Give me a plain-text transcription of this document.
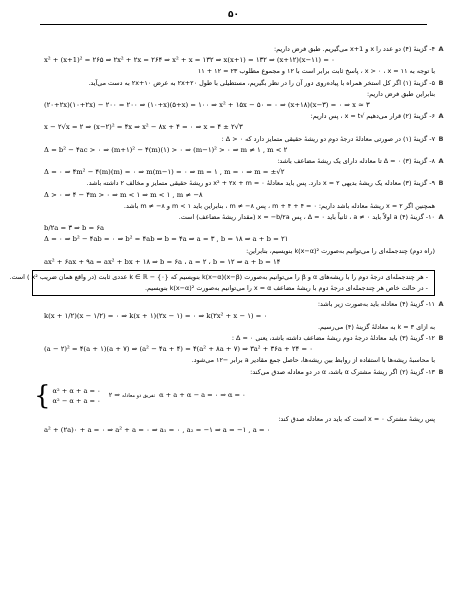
۵۰
A
۴- گزینهٔ (۴) دو عدد را x و x+1 می‌گیریم. طبق فرض داریم:
x² + (x+1)² = ۲۶۵ ⇒ ۲x² + ۲x = ۲۶۴ ⇒ x² + x = ۱۳۲ ⇒ x(x+۱) = ۱۳۲ ⇒ (x+۱۲)(x−۱۱) = ۰
با توجه به x > ۰ ، x = ۱۱ ، پاسخ ثابت برابر است با ۱۲ و مجموع مطلوب ۲۳ = ۱۲ + ۱۱
B
۵- گزینهٔ (۱) اگر کل استخر همراه با پیاده‌روی دور آن را در نظر بگیریم، مستطیلی با طول ۲x+۲۰ به عرض ۲x+۱۰ به دست می‌آید.
بنابراین طبق فرض داریم:
(۲۰+۲x)(۱۰+۲x) − ۲۰۰ = ۲۰۰ ⇒ (۱۰+x)(۵+x) = ۱۰۰ ⇒ x² + ۱۵x − ۵۰ = ۰ ⇒ (x+۱۸)(x−۳) = ۰ ⇒ x ≈ ۳
A
۶- گزینهٔ (۲) قرار می‌دهیم √x = t ، پس داریم:
x − ۲√x = ۲ ⇒ (x−۲)² = ۴x ⇒ x² − ۸x + ۴ = ۰ ⇒ x = ۴ ± ۲√۳
B
۷- گزینهٔ (۱) در صورتی معادلهٔ درجهٔ دوم دو ریشهٔ حقیقی متمایز دارد که ۰ < Δ :
Δ = b² − ۴ac > ۰ ⇒ (m+۱)² − ۴(m)(۱) > ۰ ⇒ (m−۱)² > ۰ ⇒ m ≠ ۱ , m < ۲
A
۸- گزینهٔ (۳) Δ = ۰ تا معادله دارای یک ریشهٔ مضاعف باشد:
Δ = ۰ ⇒ ۴m² − ۴(m)(m) = ۰ ⇒ m(m−۱) = ۰ ⇒ m = ۱ , m = ۰ ⇒ m = ±√۲
B
۹- گزینهٔ (۳) معادله یک ریشهٔ بدیهی x = ۲ دارد. پس باید معادلهٔ x² + ۲x + m = ۰ دو ریشهٔ حقیقی متمایز و مخالف ۲ داشته باشد.
Δ > ۰ ⇒ ۴ − ۴m > ۰ ⇒ m < ۱ ⇒ m < ۱ , m ≠ −۸
همچنین اگر x = ۲ ریشهٔ معادله باشد داریم: ۰ = ۴ + ۴ + m ، پس m ≠ −۸ ، بنابراین باید m < ۱ و m ≠ −۸ باشد.
A
۱۰- گزینهٔ (۴) a اولاً باید ۰ ≠ a ، ثانیاً باید ۰ = Δ ، پس x = −b/۲a (مقدار ریشهٔ مضاعف) است.
b/۲a = ۳ ⇒ b = ۶a
Δ = ۰ ⇒ b² − ۴ab = ۰ ⇒ b² = ۴ab ⇒ b = ۴a ⇒ a = ۳ , b = ۱۸ ⇒ a + b = ۲۱
(راه دوم) چندجمله‌ای را می‌توانیم به‌صورت k(x−α)² بنویسیم، بنابراین:
ax² + ۶ax + ۹a = ax² + bx + ۱۸ ⇒ b = ۶a ، a = ۲ ، b = ۱۲ ⇒ a + b = ۱۴
- هر چندجمله‌ای درجهٔ دوم را با ریشه‌های α و β را می‌توانیم به‌صورت k(x−α)(x−β) بنویسیم که k ∈ ℝ − {۰} عددی ثابت (در واقع همان ضریب x² ) است.
- در حالت خاص هر چندجمله‌ای درجهٔ دوم با ریشهٔ مضاعف x = α را می‌توانیم به‌صورت k(x−α)² بنویسیم.
A
۱۱- گزینهٔ (۴) معادله باید به‌صورت زیر باشد:
k(x + ۱/۲)(x − ۱/۲) = ۰ ⇒ k(x + ۱)(۲x − ۱) = ۰ ⇒ k(۲x² + x − ۱) = ۰
به ازای k = ۳ به معادلهٔ گزینهٔ (۴) می‌رسیم.
B
۱۲- گزینهٔ (۳) باید معادلهٔ درجهٔ دوم ریشهٔ مضاعف داشته باشد، یعنی Δ = ۰ :
(a − ۲)² = ۴(a + ۱)(a + ۷) ⇒ (a² − ۴a + ۴) = ۴(a² + ۸a + ۷) ⇒ ۳a² + ۳۶a + ۲۴ = ۰
با محاسبهٔ ریشه‌ها با استفاده از روابط بین ریشه‌ها، حاصل جمع مقادیر a برابر −۱۲ می‌شود.
B
۱۳- گزینهٔ (۲) اگر ریشهٔ مشترک α باشد، α در دو معادله صدق می‌کند:
{ α² + α + a = ۰
α² − α + a = ۰
تفریق دو معادله ⇒ ۲α + a + α − a = ۰ ⇒ α = ۰
پس ریشهٔ مشترک x = ۰ است که باید در معادله صدق کند:
a² + (۲a)۰ + a = ۰ ⇒ a² + a = ۰ ⇒ a₁ = ۰ , a₂ = −۱ ⇒ a = −۱ , a = ۰
